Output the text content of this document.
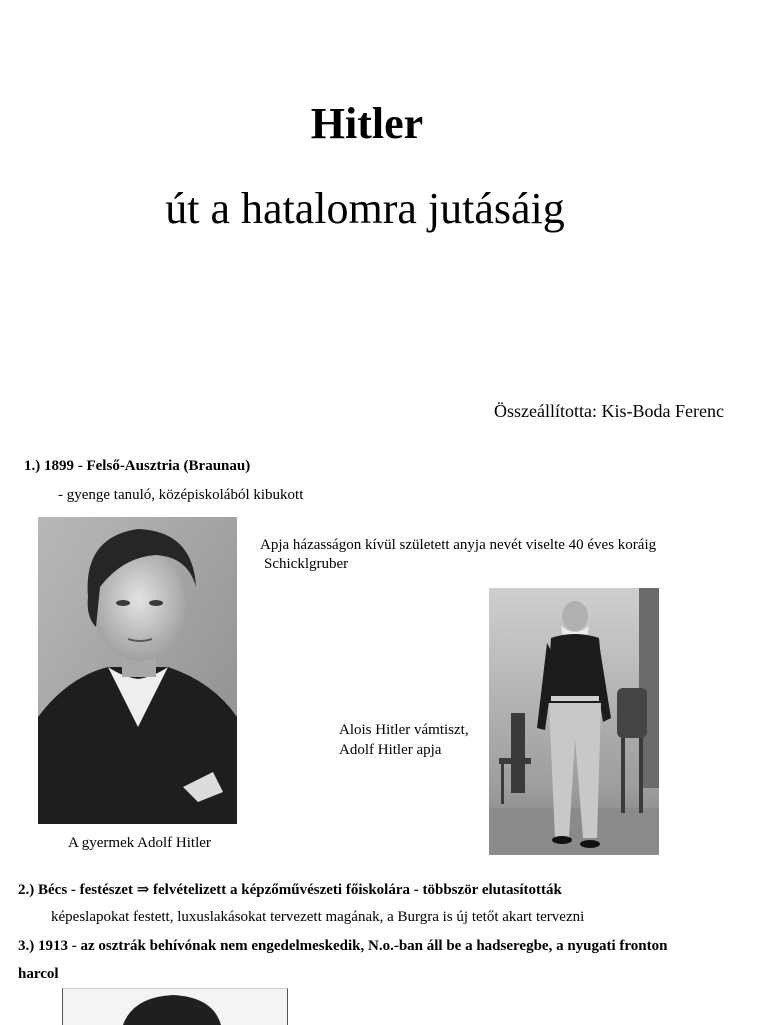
Hitler
út a hatalomra jutásáig
Összeállította: Kis-Boda Ferenc
1.) 1899 - Felső-Ausztria (Braunau)
- gyenge tanuló, középiskolából kibukott
A gyermek Adolf Hitler
Apja házasságon kívül született anyja nevét viselte 40 éves koráig
Schicklgruber
Alois Hitler vámtiszt,
Adolf Hitler apja
2.) Bécs - festészet ⇒ felvételizett a képzőművészeti főiskolára - többször elutasították
képeslapokat festett, luxuslakásokat tervezett magának, a Burgra is új tetőt akart tervezni
3.) 1913 - az osztrák behívónak nem engedelmeskedik, N.o.-ban áll be a hadseregbe, a nyugati fronton
harcol
